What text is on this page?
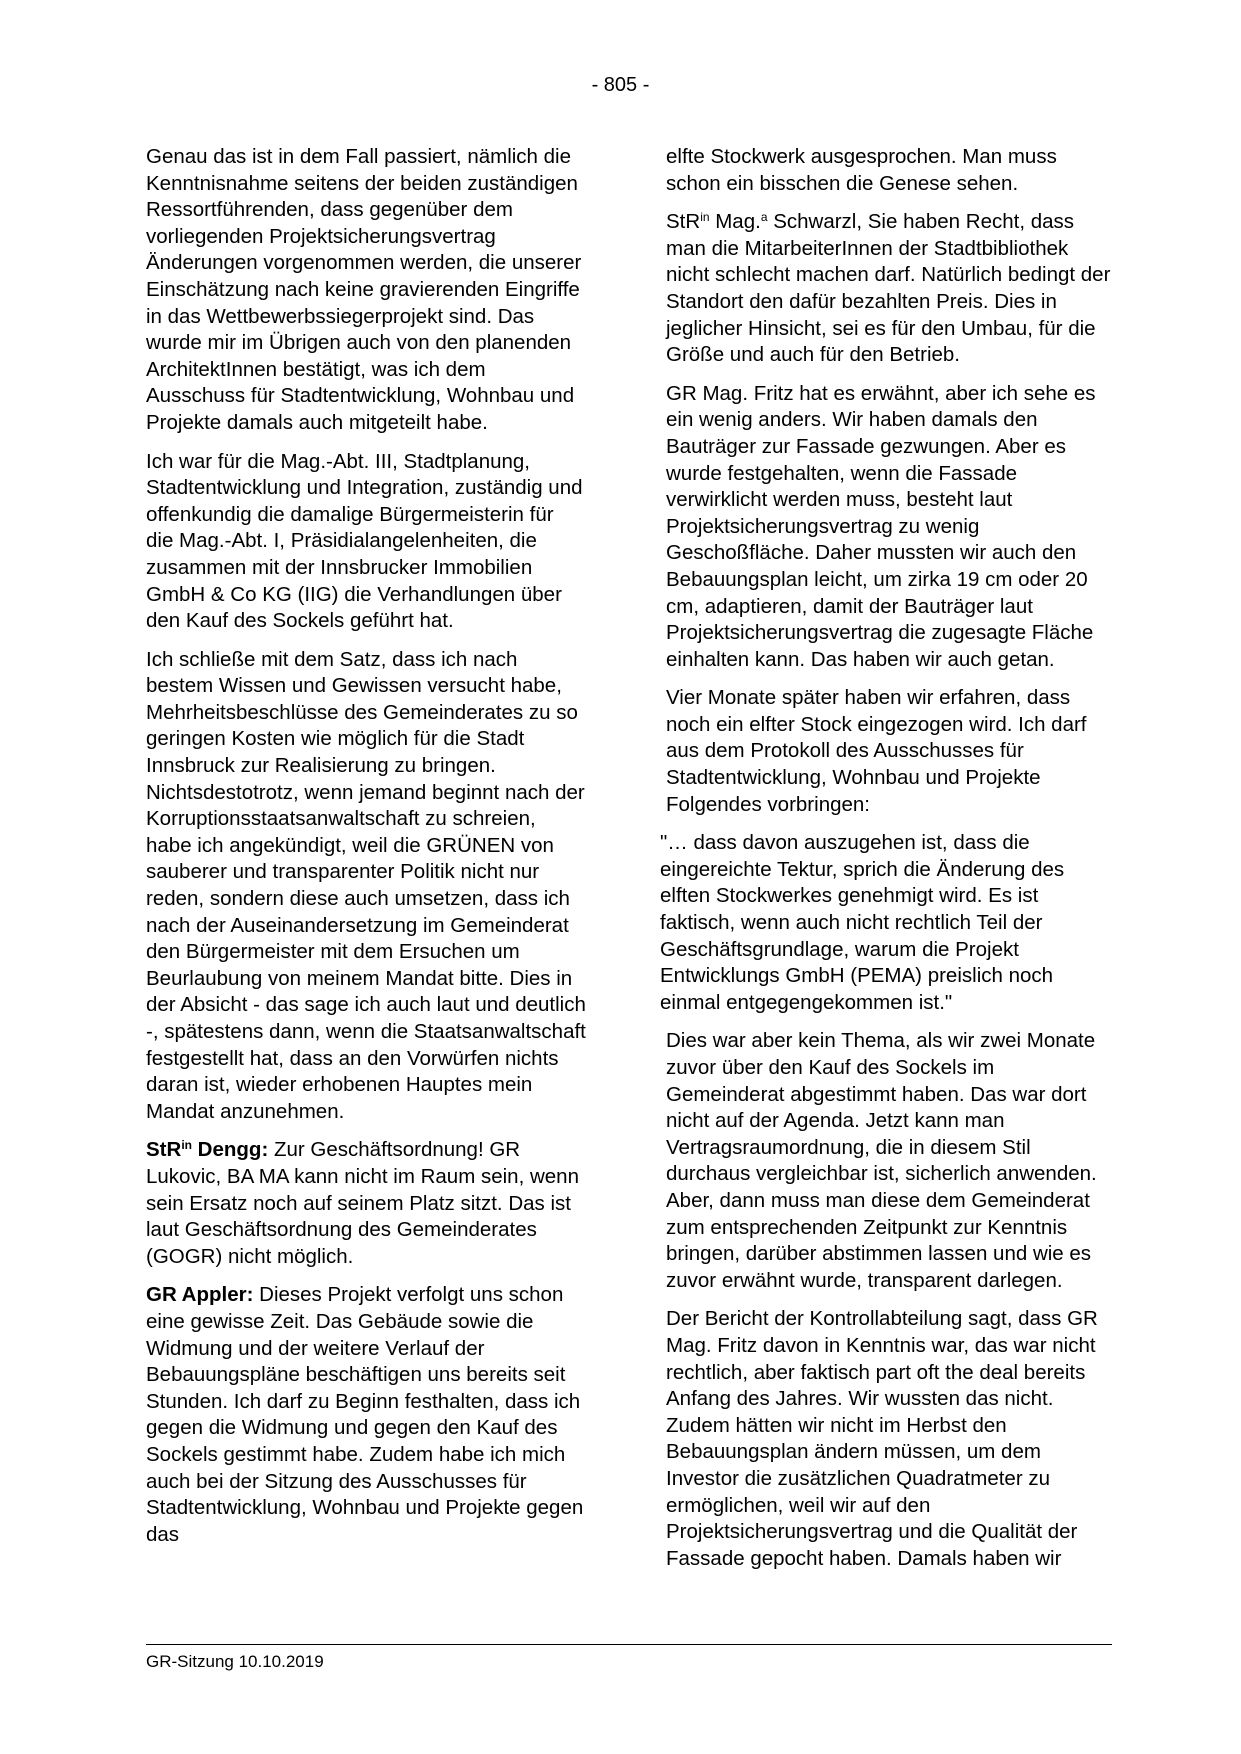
- 805 -

Genau das ist in dem Fall passiert, nämlich die Kenntnisnahme seitens der beiden zuständigen Ressortführenden, dass gegenüber dem vorliegenden Projektsicherungsvertrag Änderungen vorgenommen werden, die unserer Einschätzung nach keine gravierenden Eingriffe in das Wettbewerbssiegerprojekt sind. Das wurde mir im Übrigen auch von den planenden ArchitektInnen bestätigt, was ich dem Ausschuss für Stadtentwicklung, Wohnbau und Projekte damals auch mitgeteilt habe.

Ich war für die Mag.-Abt. III, Stadtplanung, Stadtentwicklung und Integration, zuständig und offenkundig die damalige Bürgermeisterin für die Mag.-Abt. I, Präsidialangelenheiten, die zusammen mit der Innsbrucker Immobilien GmbH & Co KG (IIG) die Verhandlungen über den Kauf des Sockels geführt hat.

Ich schließe mit dem Satz, dass ich nach bestem Wissen und Gewissen versucht habe, Mehrheitsbeschlüsse des Gemeinderates zu so geringen Kosten wie möglich für die Stadt Innsbruck zur Realisierung zu bringen. Nichtsdestotrotz, wenn jemand beginnt nach der Korruptionsstaatsanwaltschaft zu schreien, habe ich angekündigt, weil die GRÜNEN von sauberer und transparenter Politik nicht nur reden, sondern diese auch umsetzen, dass ich nach der Auseinandersetzung im Gemeinderat den Bürgermeister mit dem Ersuchen um Beurlaubung von meinem Mandat bitte. Dies in der Absicht - das sage ich auch laut und deutlich -, spätestens dann, wenn die Staatsanwaltschaft festgestellt hat, dass an den Vorwürfen nichts daran ist, wieder erhobenen Hauptes mein Mandat anzunehmen.

StR$^{in}$ Dengg: Zur Geschäftsordnung! GR Lukovic, BA MA kann nicht im Raum sein, wenn sein Ersatz noch auf seinem Platz sitzt. Das ist laut Geschäftsordnung des Gemeinderates (GOGR) nicht möglich.

GR Appler: Dieses Projekt verfolgt uns schon eine gewisse Zeit. Das Gebäude sowie die Widmung und der weitere Verlauf der Bebauungspläne beschäftigen uns bereits seit Stunden. Ich darf zu Beginn festhalten, dass ich gegen die Widmung und gegen den Kauf des Sockels gestimmt habe. Zudem habe ich mich auch bei der Sitzung des Ausschusses für Stadtentwicklung, Wohnbau und Projekte gegen das

elfte Stockwerk ausgesprochen. Man muss schon ein bisschen die Genese sehen.

StR$^{in}$ Mag.$^a$ Schwarzl, Sie haben Recht, dass man die MitarbeiterInnen der Stadtbibliothek nicht schlecht machen darf. Natürlich bedingt der Standort den dafür bezahlten Preis. Dies in jeglicher Hinsicht, sei es für den Umbau, für die Größe und auch für den Betrieb.

GR Mag. Fritz hat es erwähnt, aber ich sehe es ein wenig anders. Wir haben damals den Bauträger zur Fassade gezwungen. Aber es wurde festgehalten, wenn die Fassade verwirklicht werden muss, besteht laut Projektsicherungsvertrag zu wenig Geschoßfläche. Daher mussten wir auch den Bebauungsplan leicht, um zirka 19 cm oder 20 cm, adaptieren, damit der Bauträger laut Projektsicherungsvertrag die zugesagte Fläche einhalten kann. Das haben wir auch getan.

Vier Monate später haben wir erfahren, dass noch ein elfter Stock eingezogen wird. Ich darf aus dem Protokoll des Ausschusses für Stadtentwicklung, Wohnbau und Projekte Folgendes vorbringen:

"… dass davon auszugehen ist, dass die eingereichte Tektur, sprich die Änderung des elften Stockwerkes genehmigt wird. Es ist faktisch, wenn auch nicht rechtlich Teil der Geschäftsgrundlage, warum die Projekt Entwicklungs GmbH (PEMA) preislich noch einmal entgegengekommen ist."

Dies war aber kein Thema, als wir zwei Monate zuvor über den Kauf des Sockels im Gemeinderat abgestimmt haben. Das war dort nicht auf der Agenda. Jetzt kann man Vertragsraumordnung, die in diesem Stil durchaus vergleichbar ist, sicherlich anwenden. Aber, dann muss man diese dem Gemeinderat zum entsprechenden Zeitpunkt zur Kenntnis bringen, darüber abstimmen lassen und wie es zuvor erwähnt wurde, transparent darlegen.

Der Bericht der Kontrollabteilung sagt, dass GR Mag. Fritz davon in Kenntnis war, das war nicht rechtlich, aber faktisch part oft the deal bereits Anfang des Jahres. Wir wussten das nicht. Zudem hätten wir nicht im Herbst den Bebauungsplan ändern müssen, um dem Investor die zusätzlichen Quadratmeter zu ermöglichen, weil wir auf den Projektsicherungsvertrag und die Qualität der Fassade gepocht haben. Damals haben wir

GR-Sitzung 10.10.2019
